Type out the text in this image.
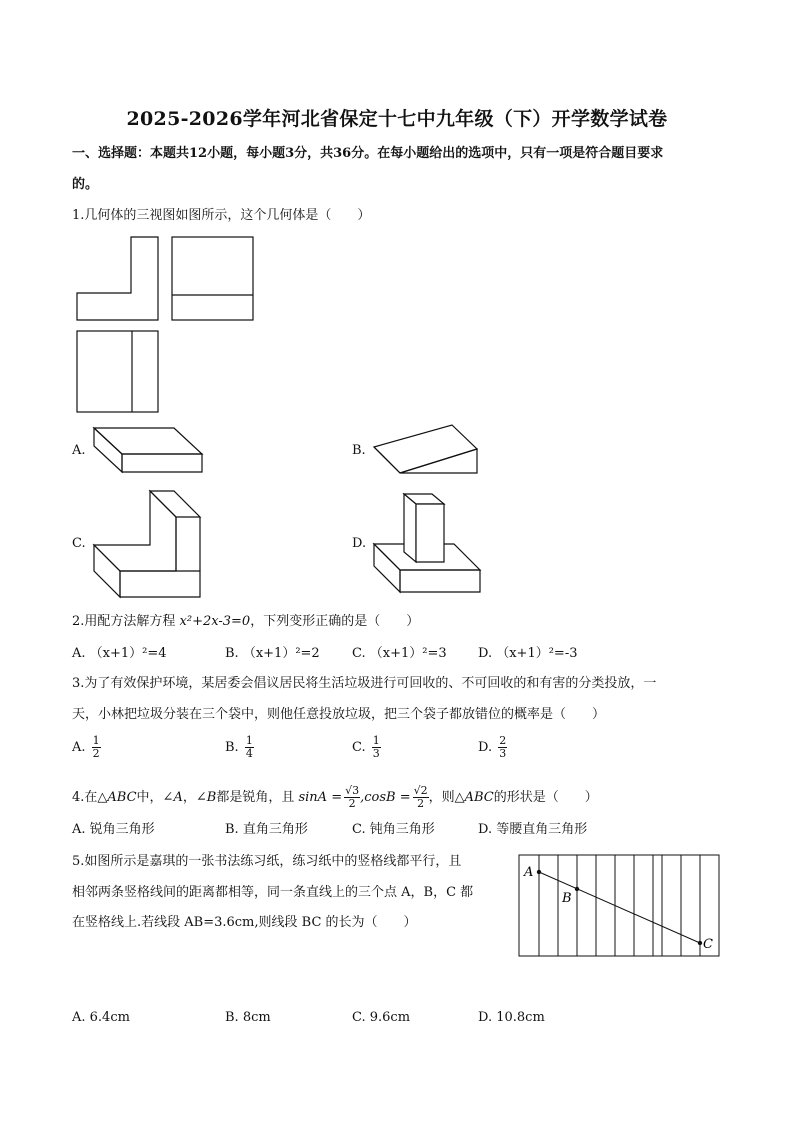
2025-2026学年河北省保定十七中九年级（下）开学数学试卷
一、选择题：本题共12小题，每小题3分，共36分。在每小题给出的选项中，只有一项是符合题目要求
的。
1.几何体的三视图如图所示，这个几何体是（　　）
A.	B.
C.	D.
2.用配方法解方程 x²+2x-3=0，下列变形正确的是（　　）
A. （x+1）²=4	B. （x+1）²=2 C. （x+1）²=3 D. （x+1）²=-3
3.为了有效保护环境，某居委会倡议居民将生活垃圾进行可回收的、不可回收的和有害的分类投放，一
天，小林把垃圾分装在三个袋中，则他任意投放垃圾，把三个袋子都放错位的概率是（　　）
A. $\frac{1}{2}$	B. $\frac{1}{4}$	C. $\frac{1}{3}$	D. $\frac{2}{3}$
4.在△ABC中，∠A，∠B都是锐角，且 $\sin A = \frac{√3}{2} ,\cos B = \frac{√2}{2}$ ，则△ABC的形状是（　　）
A. 锐角三角形	B. 直角三角形	C. 钝角三角形	D. 等腰直角三角形
5.如图所示是嘉琪的一张书法练习纸，练习纸中的竖格线都平行，且
相邻两条竖格线间的距离都相等，同一条直线上的三个点 A，B，C 都
在竖格线上.若线段 AB=3.6cm,则线段 BC 的长为（　　）
A
B
C
A. 6.4cm	B. 8cm	C. 9.6cm	D. 10.8cm
